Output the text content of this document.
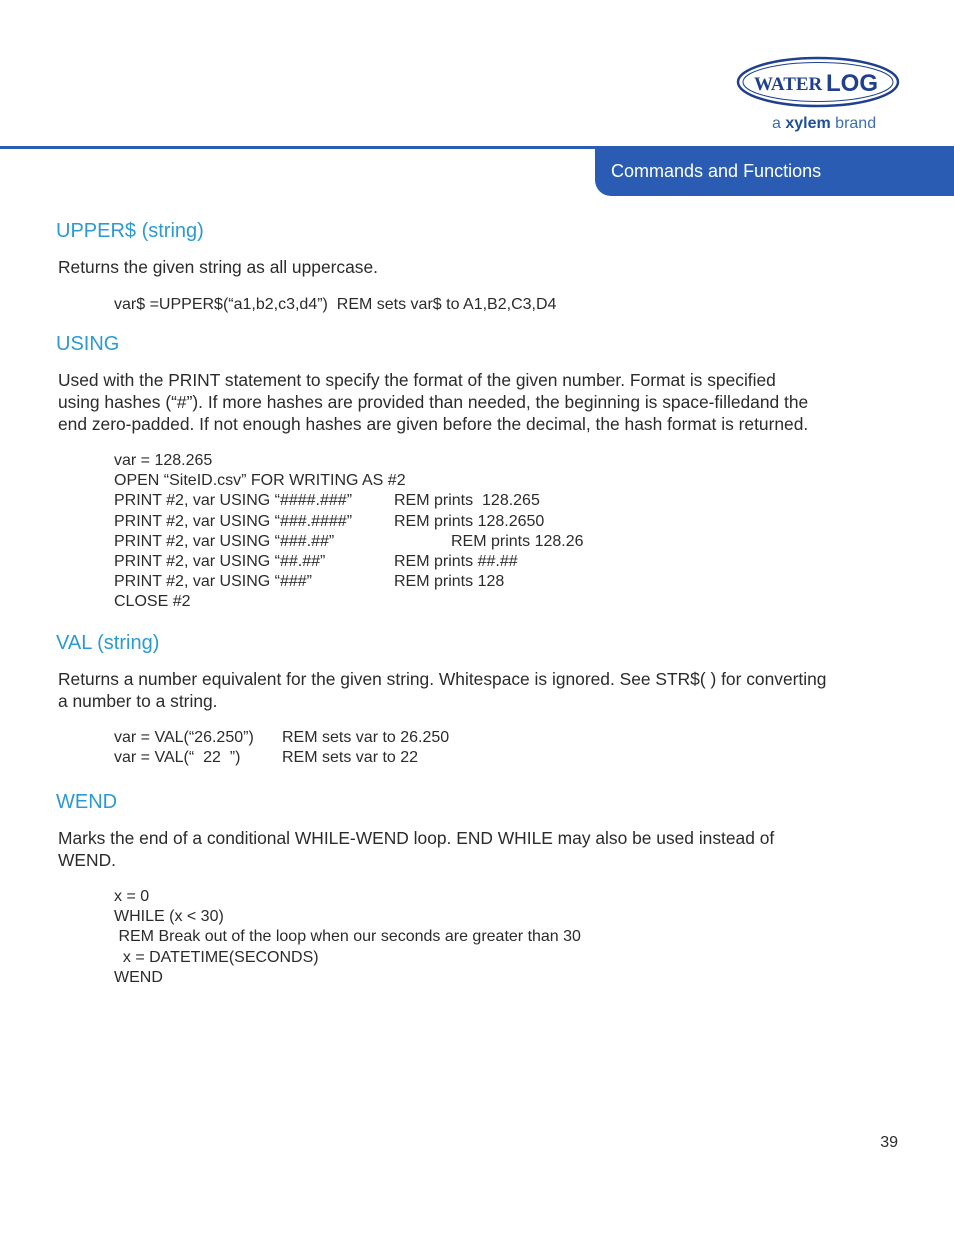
WATER LOG
a xylem brand
Commands and Functions
UPPER$ (string)

Returns the given string as all uppercase.

var$ =UPPER$(“a1,b2,c3,d4”)  REM sets var$ to A1,B2,C3,D4
USING
Used with the PRINT statement to specify the format of the given number. Format is specified
using hashes (“#”). If more hashes are provided than needed, the beginning is space-filledand the
end zero-padded. If not enough hashes are given before the decimal, the hash format is returned.
var = 128.265
OPEN “SiteID.csv” FOR WRITING AS #2
PRINT #2, var USING “####.###”	REM prints  128.265
PRINT #2, var USING “###.####”	REM prints 128.2650
PRINT #2, var USING “###.##”	REM prints 128.26
PRINT #2, var USING “##.##”	REM prints ##.##
PRINT #2, var USING “###”	REM prints 128
CLOSE #2
VAL (string)
Returns a number equivalent for the given string. Whitespace is ignored. See STR$( ) for converting
a number to a string.
var = VAL(“26.250”) REM sets var to 26.250
var = VAL(“  22  ”)	REM sets var to 22
WEND
Marks the end of a conditional WHILE-WEND loop. END WHILE may also be used instead of
WEND.
x = 0
WHILE (x < 30)
REM Break out of the loop when our seconds are greater than 30
x = DATETIME(SECONDS)
WEND
39
